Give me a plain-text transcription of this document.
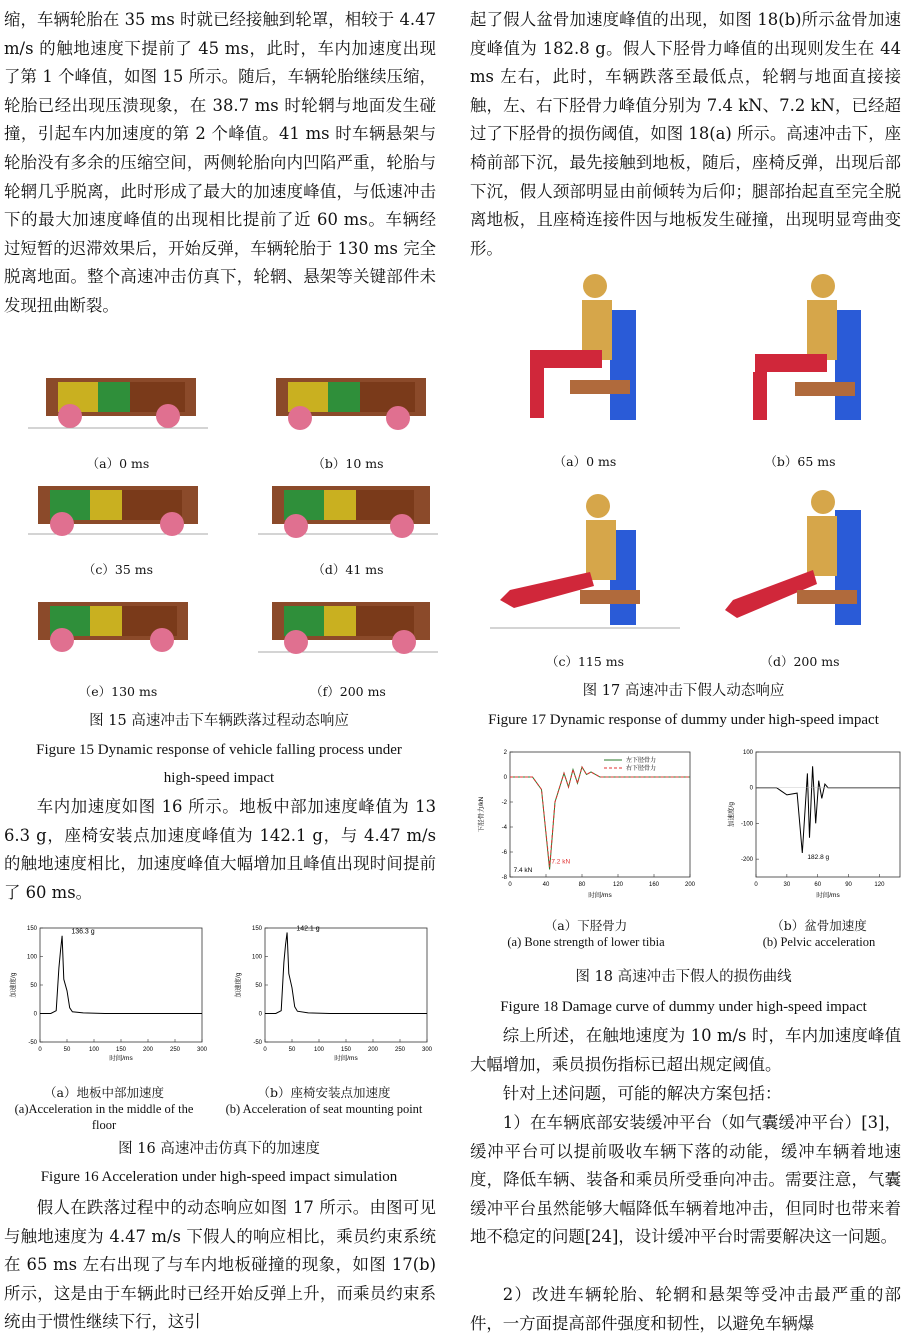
缩，车辆轮胎在 35 ms 时就已经接触到轮罩，相较于 4.47 m/s 的触地速度下提前了 45 ms，此时，车内加速度出现了第 1 个峰值，如图 15 所示。随后，车辆轮胎继续压缩，轮胎已经出现压溃现象，在 38.7 ms 时轮辋与地面发生碰撞，引起车内加速度的第 2 个峰值。41 ms 时车辆悬架与轮胎没有多余的压缩空间，两侧轮胎向内凹陷严重，轮胎与轮辋几乎脱离，此时形成了最大的加速度峰值，与低速冲击下的最大加速度峰值的出现相比提前了近 60 ms。车辆经过短暂的迟滞效果后，开始反弹，车辆轮胎于 130 ms 完全脱离地面。整个高速冲击仿真下，轮辋、悬架等关键部件未发现扭曲断裂。

（a）0 ms	（b）10 ms
（c）35 ms	（d）41 ms
（e）130 ms	（f）200 ms
图 15 高速冲击下车辆跌落过程动态响应
Figure 15 Dynamic response of vehicle falling process under
high-speed impact

车内加速度如图 16 所示。地板中部加速度峰值为 136.3 g，座椅安装点加速度峰值为 142.1 g，与 4.47 m/s 的触地速度相比，加速度峰值大幅增加且峰值出现时间提前了 60 ms。

0	50	100	150	200	250	300
-50
0
50
100
150
时间/ms
加速度/g
136.3 g
0	50	100	150	200	250	300
-50
0
50
100
150
时间/ms
加速度/g
142.1 g
（a）地板中部加速度
(a)Acceleration in the middle of the floor
（b）座椅安装点加速度
(b) Acceleration of seat mounting point
图 16 高速冲击仿真下的加速度
Figure 16 Acceleration under high-speed impact simulation

假人在跌落过程中的动态响应如图 17 所示。由图可见与触地速度为 4.47 m/s 下假人的响应相比，乘员约束系统在 65 ms 左右出现了与车内地板碰撞的现象，如图 17(b)所示，这是由于车辆此时已经开始反弹上升，而乘员约束系统由于惯性继续下行，这引

起了假人盆骨加速度峰值的出现，如图 18(b)所示盆骨加速度峰值为 182.8 g。假人下胫骨力峰值的出现则发生在 44 ms 左右，此时，车辆跌落至最低点，轮辋与地面直接接触，左、右下胫骨力峰值分别为 7.4 kN、7.2 kN，已经超过了下胫骨的损伤阈值，如图 18(a) 所示。高速冲击下，座椅前部下沉，最先接触到地板，随后，座椅反弹，出现后部下沉，假人颈部明显由前倾转为后仰；腿部抬起直至完全脱离地板，且座椅连接件因与地板发生碰撞，出现明显弯曲变形。

（a）0 ms	（b）65 ms
（c）115 ms	（d）200 ms
图 17 高速冲击下假人动态响应
Figure 17 Dynamic response of dummy under high-speed impact
0	40	80	120	160	200
-8
-6
-4
-2
0
2
时间/ms
下胫骨力/kN
左下胫骨力
右下胫骨力
7.2 kN
7.4 kN
0	30	60	90	120
-200
-100
0
100
时间/ms
加速度/g
182.8 g
（a）下胫骨力
(a) Bone strength of lower tibia
（b）盆骨加速度
(b) Pelvic acceleration
图 18 高速冲击下假人的损伤曲线
Figure 18 Damage curve of dummy under high-speed impact

综上所述，在触地速度为 10 m/s 时，车内加速度峰值大幅增加，乘员损伤指标已超出规定阈值。

针对上述问题，可能的解决方案包括：

1）在车辆底部安装缓冲平台（如气囊缓冲平台）[3]，缓冲平台可以提前吸收车辆下落的动能，缓冲车辆着地速度，降低车辆、装备和乘员所受垂向冲击。需要注意，气囊缓冲平台虽然能够大幅降低车辆着地冲击，但同时也带来着地不稳定的问题[24]，设计缓冲平台时需要解决这一问题。

2）改进车辆轮胎、轮辋和悬架等受冲击最严重的部件，一方面提高部件强度和韧性，以避免车辆爆
